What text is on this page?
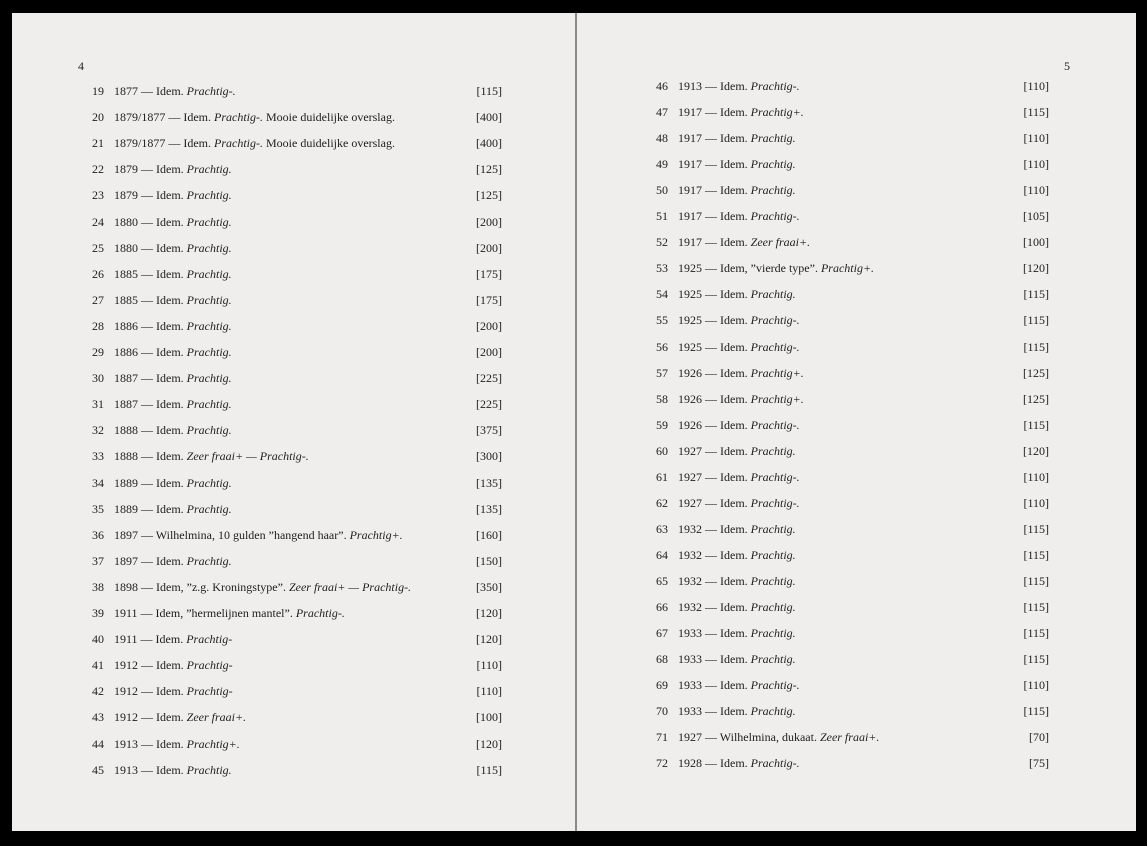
4
19 1877 — Idem. Prachtig-.	[115]
20 1879/1877 — Idem. Prachtig-. Mooie duidelijke overslag.	[400]
21 1879/1877 — Idem. Prachtig-. Mooie duidelijke overslag.	[400]
22 1879 — Idem. Prachtig.	[125]
23 1879 — Idem. Prachtig.	[125]
24 1880 — Idem. Prachtig.	[200]
25 1880 — Idem. Prachtig.	[200]
26 1885 — Idem. Prachtig.	[175]
27 1885 — Idem. Prachtig.	[175]
28 1886 — Idem. Prachtig.	[200]
29 1886 — Idem. Prachtig.	[200]
30 1887 — Idem. Prachtig.	[225]
31 1887 — Idem. Prachtig.	[225]
32 1888 — Idem. Prachtig.	[375]
33 1888 — Idem. Zeer fraai+ — Prachtig-.	[300]
34 1889 — Idem. Prachtig.	[135]
35 1889 — Idem. Prachtig.	[135]
36 1897 — Wilhelmina, 10 gulden ”hangend haar”. Prachtig+.	[160]
37 1897 — Idem. Prachtig.	[150]
38 1898 — Idem, ”z.g. Kroningstype”. Zeer fraai+ — Prachtig-.	[350]
39 1911 — Idem, ”hermelijnen mantel”. Prachtig-.	[120]
40 1911 — Idem. Prachtig-	[120]
41 1912 — Idem. Prachtig-	[110]
42 1912 — Idem. Prachtig-	[110]
43 1912 — Idem. Zeer fraai+.	[100]
44 1913 — Idem. Prachtig+.	[120]
45 1913 — Idem. Prachtig.	[115]
5
46 1913 — Idem. Prachtig-.	[110]
47 1917 — Idem. Prachtig+.	[115]
48 1917 — Idem. Prachtig.	[110]
49 1917 — Idem. Prachtig.	[110]
50 1917 — Idem. Prachtig.	[110]
51 1917 — Idem. Prachtig-.	[105]
52 1917 — Idem. Zeer fraai+.	[100]
53 1925 — Idem, ”vierde type”. Prachtig+.	[120]
54 1925 — Idem. Prachtig.	[115]
55 1925 — Idem. Prachtig-.	[115]
56 1925 — Idem. Prachtig-.	[115]
57 1926 — Idem. Prachtig+.	[125]
58 1926 — Idem. Prachtig+.	[125]
59 1926 — Idem. Prachtig-.	[115]
60 1927 — Idem. Prachtig.	[120]
61 1927 — Idem. Prachtig-.	[110]
62 1927 — Idem. Prachtig-.	[110]
63 1932 — Idem. Prachtig.	[115]
64 1932 — Idem. Prachtig.	[115]
65 1932 — Idem. Prachtig.	[115]
66 1932 — Idem. Prachtig.	[115]
67 1933 — Idem. Prachtig.	[115]
68 1933 — Idem. Prachtig.	[115]
69 1933 — Idem. Prachtig-.	[110]
70 1933 — Idem. Prachtig.	[115]
71 1927 — Wilhelmina, dukaat. Zeer fraai+.	[70]
72 1928 — Idem. Prachtig-.	[75]
